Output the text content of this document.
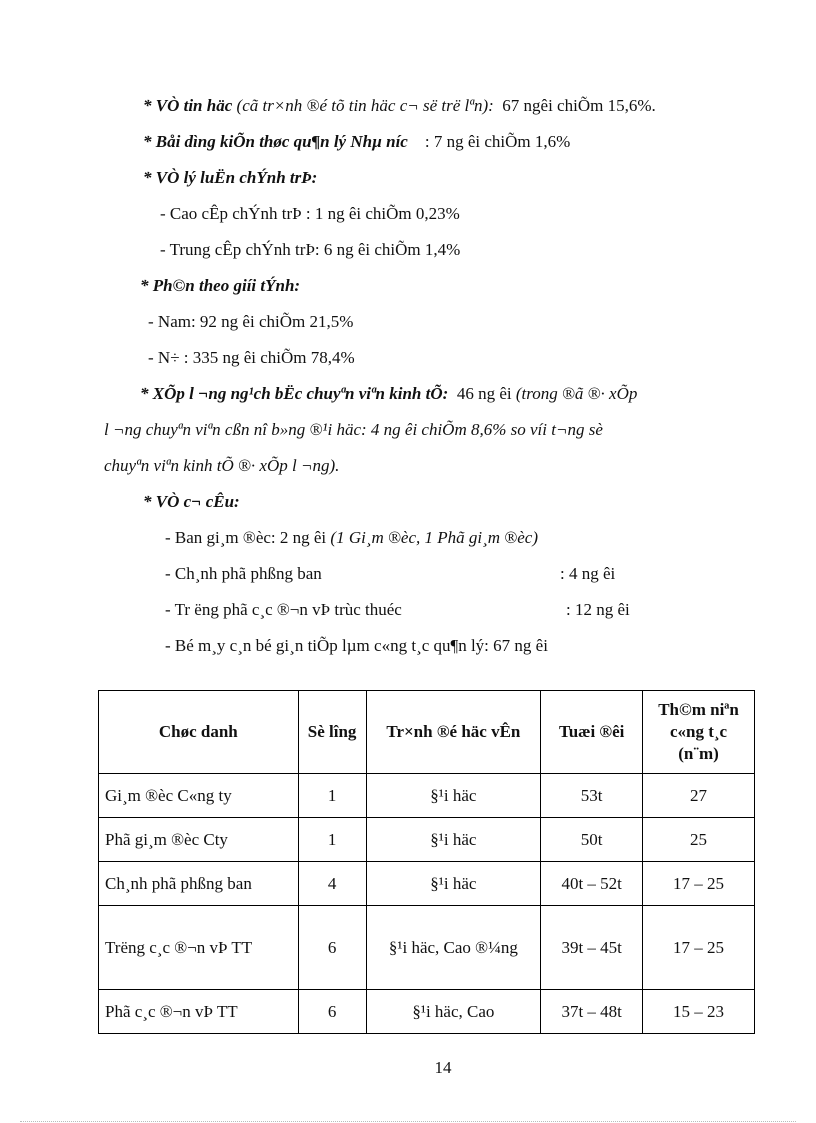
* VÒ tin häc (cã tr×nh ®é tõ tin häc c¬ së trë lªn): 67 ngêi chiÕm 15,6%.
* Båi dìng kiÕn thøc qu¶n lý Nhµ níc : 7 ng êi chiÕm 1,6%
* VÒ lý luËn chÝnh trÞ:
- Cao cÊp chÝnh trÞ : 1 ng êi chiÕm 0,23%
- Trung cÊp chÝnh trÞ: 6 ng êi chiÕm 1,4%
* Ph©n theo giíi tÝnh:
- Nam: 92 ng êi chiÕm 21,5%
- N÷ : 335 ng êi chiÕm 78,4%
* XÕp l ¬ng ng¹ch bËc chuyªn viªn kinh tÕ: 46 ng êi (trong ®ã ®· xÕp
l ¬ng chuyªn viªn cßn nî b»ng ®¹i häc: 4 ng êi chiÕm 8,6% so víi t¬ng sè
chuyªn viªn kinh tÕ ®· xÕp l ¬ng).
* VÒ c¬ cÊu:
- Ban gi¸m ®èc: 2 ng êi (1 Gi¸m ®èc, 1 Phã gi¸m ®èc)
- Ch¸nh phã phßng ban	: 4 ng êi
- Tr ëng phã c¸c ®¬n vÞ trùc thuéc	: 12 ng êi
- Bé m¸y c¸n bé gi¸n tiÕp lµm c«ng t¸c qu¶n lý: 67 ng êi
Chøc danh	Sè lîng	Tr×nh ®é häc vÊn	Tuæi ®êi	Th©m niªn c«ng t¸c (n¨m)
Gi¸m ®èc C«ng ty	1	§¹i häc	53t	27
Phã gi¸m ®èc Cty	1	§¹i häc	50t	25
Ch¸nh phã phßng ban	4	§¹i häc	40t – 52t	17 – 25
Trëng c¸c ®¬n vÞ TT	6	§¹i häc, Cao ®¼ng	39t – 45t	17 – 25
Phã c¸c ®¬n vÞ TT	6	§¹i häc, Cao	37t – 48t	15 – 23
14
